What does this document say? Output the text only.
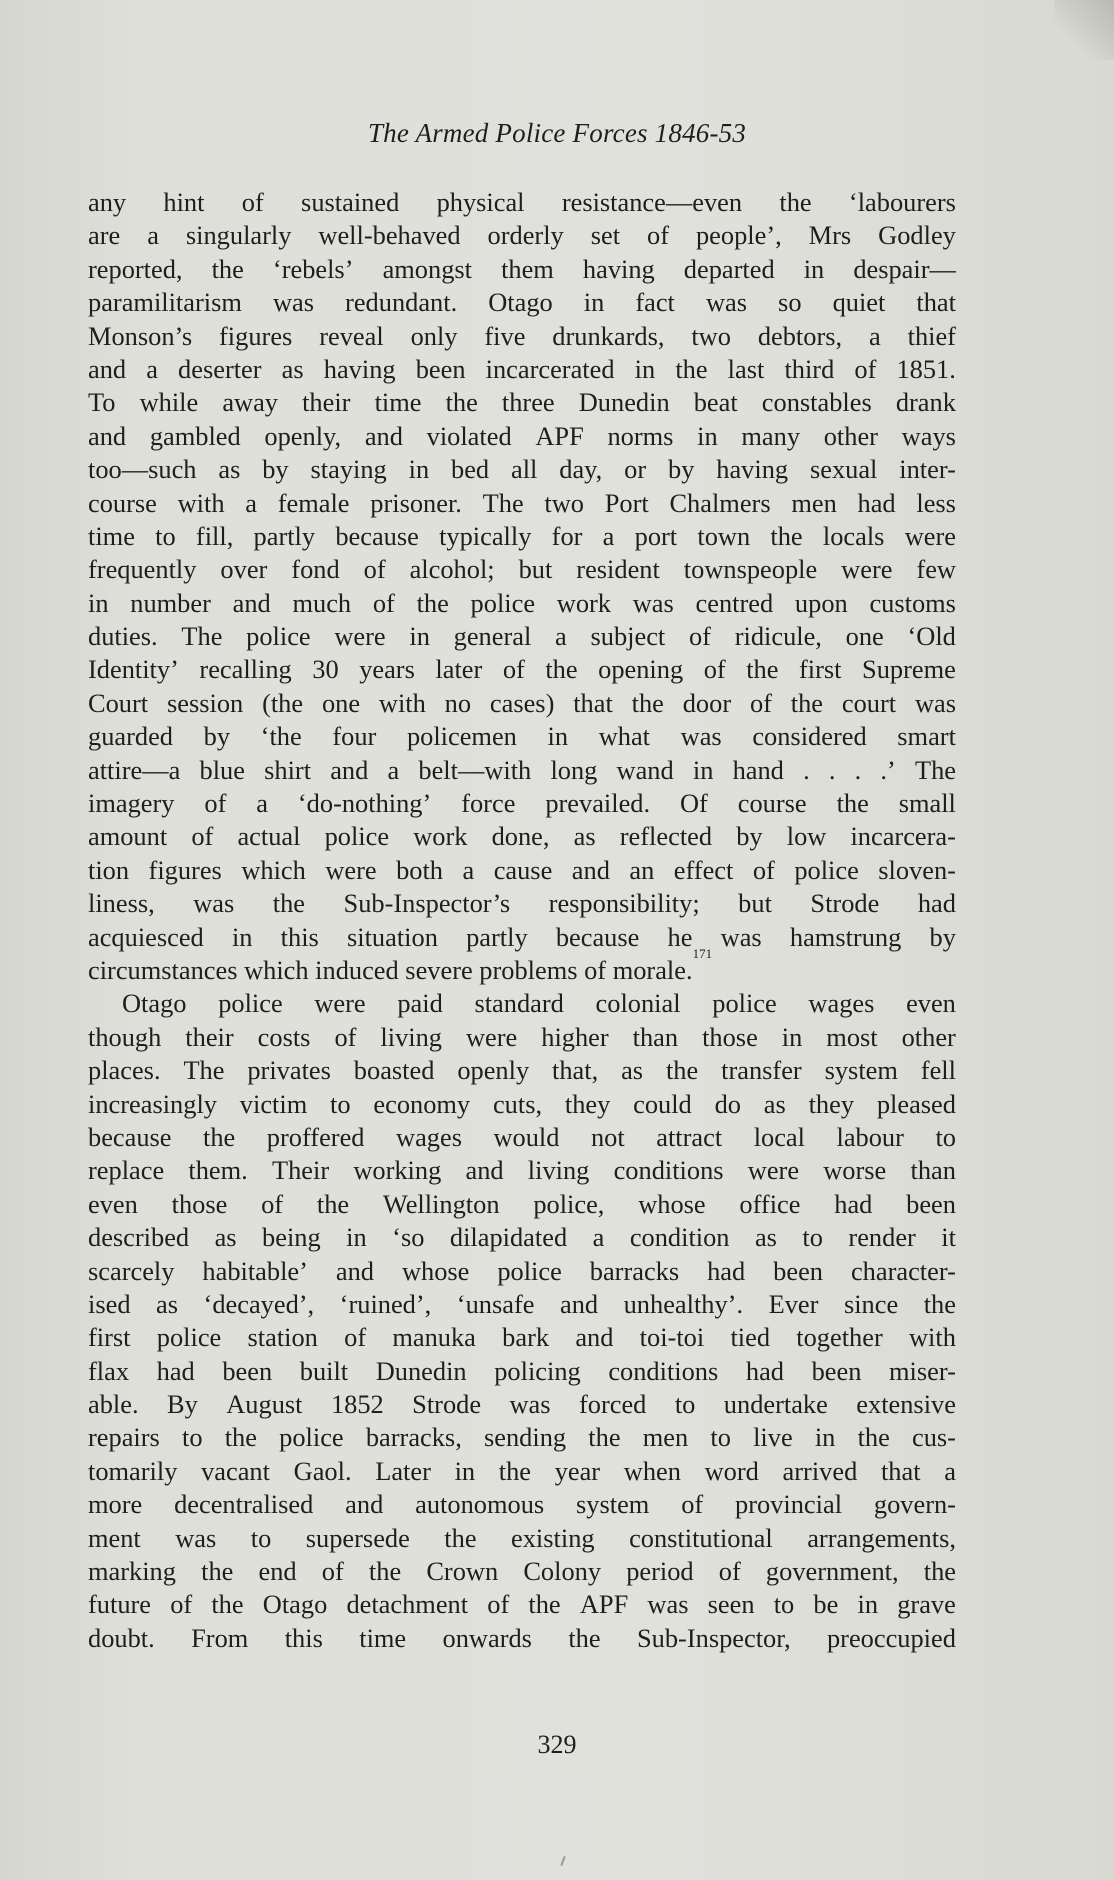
The Armed Police Forces 1846-53
any hint of sustained physical resistance—even the ‘labourers
are a singularly well-behaved orderly set of people’, Mrs Godley
reported, the ‘rebels’ amongst them having departed in despair—
paramilitarism was redundant. Otago in fact was so quiet that
Monson’s figures reveal only five drunkards, two debtors, a thief
and a deserter as having been incarcerated in the last third of 1851.
To while away their time the three Dunedin beat constables drank
and gambled openly, and violated APF norms in many other ways
too—such as by staying in bed all day, or by having sexual inter-
course with a female prisoner. The two Port Chalmers men had less
time to fill, partly because typically for a port town the locals were
frequently over fond of alcohol; but resident townspeople were few
in number and much of the police work was centred upon customs
duties. The police were in general a subject of ridicule, one ‘Old
Identity’ recalling 30 years later of the opening of the first Supreme
Court session (the one with no cases) that the door of the court was
guarded by ‘the four policemen in what was considered smart
attire—a blue shirt and a belt—with long wand in hand . . . .’ The
imagery of a ‘do-nothing’ force prevailed. Of course the small
amount of actual police work done, as reflected by low incarcera-
tion figures which were both a cause and an effect of police sloven-
liness, was the Sub-Inspector’s responsibility; but Strode had
acquiesced in this situation partly because he was hamstrung by
circumstances which induced severe problems of morale.
171
Otago police were paid standard colonial police wages even
though their costs of living were higher than those in most other
places. The privates boasted openly that, as the transfer system fell
increasingly victim to economy cuts, they could do as they pleased
because the proffered wages would not attract local labour to
replace them. Their working and living conditions were worse than
even those of the Wellington police, whose office had been
described as being in ‘so dilapidated a condition as to render it
scarcely habitable’ and whose police barracks had been character-
ised as ‘decayed’, ‘ruined’, ‘unsafe and unhealthy’. Ever since the
first police station of manuka bark and toi-toi tied together with
flax had been built Dunedin policing conditions had been miser-
able. By August 1852 Strode was forced to undertake extensive
repairs to the police barracks, sending the men to live in the cus-
tomarily vacant Gaol. Later in the year when word arrived that a
more decentralised and autonomous system of provincial govern-
ment was to supersede the existing constitutional arrangements,
marking the end of the Crown Colony period of government, the
future of the Otago detachment of the APF was seen to be in grave
doubt. From this time onwards the Sub-Inspector, preoccupied
329
